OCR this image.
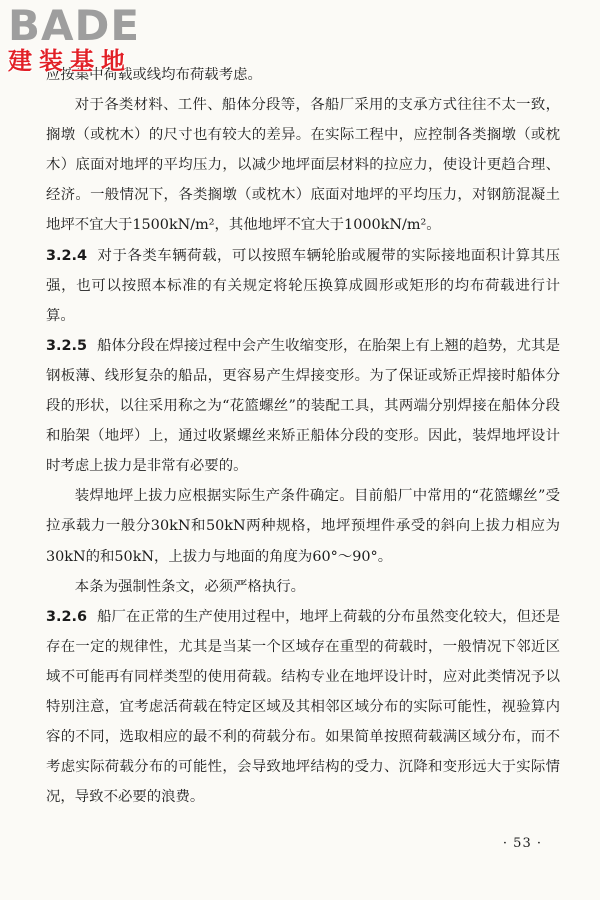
BADE
建装基地

应按集中荷载或线均布荷载考虑。

对于各类材料、工件、船体分段等，各船厂采用的支承方式往往不太一致，搁墩（或枕木）的尺寸也有较大的差异。在实际工程中，应控制各类搁墩（或枕木）底面对地坪的平均压力，以减少地坪面层材料的拉应力，使设计更趋合理、经济。一般情况下，各类搁墩（或枕木）底面对地坪的平均压力，对钢筋混凝土地坪不宜大于1500kN/m²，其他地坪不宜大于1000kN/m²。

3.2.4 对于各类车辆荷载，可以按照车辆轮胎或履带的实际接地面积计算其压强，也可以按照本标准的有关规定将轮压换算成圆形或矩形的均布荷载进行计算。

3.2.5 船体分段在焊接过程中会产生收缩变形，在胎架上有上翘的趋势，尤其是钢板薄、线形复杂的船品，更容易产生焊接变形。为了保证或矫正焊接时船体分段的形状，以往采用称之为“花篮螺丝”的装配工具，其两端分别焊接在船体分段和胎架（地坪）上，通过收紧螺丝来矫正船体分段的变形。因此，装焊地坪设计时考虑上拔力是非常有必要的。

装焊地坪上拔力应根据实际生产条件确定。目前船厂中常用的“花篮螺丝”受拉承载力一般分30kN和50kN两种规格，地坪预埋件承受的斜向上拔力相应为30kN的和50kN，上拔力与地面的角度为60°～90°。

本条为强制性条文，必须严格执行。

3.2.6 船厂在正常的生产使用过程中，地坪上荷载的分布虽然变化较大，但还是存在一定的规律性，尤其是当某一个区域存在重型的荷载时，一般情况下邻近区域不可能再有同样类型的使用荷载。结构专业在地坪设计时，应对此类情况予以特别注意，宜考虑活荷载在特定区域及其相邻区域分布的实际可能性，视验算内容的不同，选取相应的最不利的荷载分布。如果简单按照荷载满区域分布，而不考虑实际荷载分布的可能性，会导致地坪结构的受力、沉降和变形远大于实际情况，导致不必要的浪费。

· 53 ·
